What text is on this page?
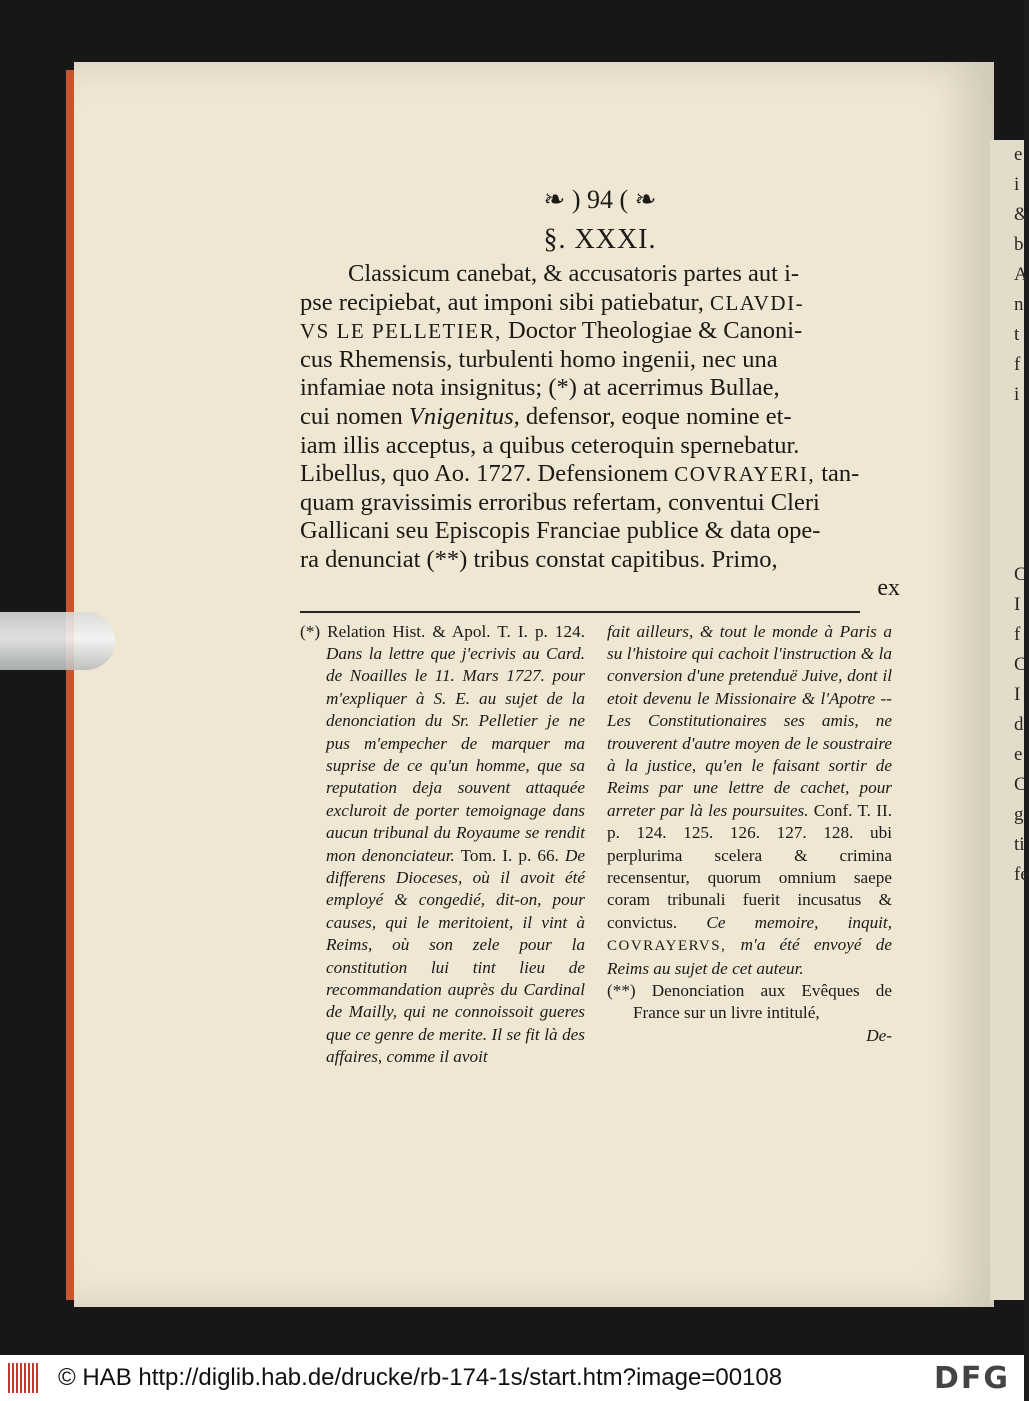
e
i
&
b
A
n
t
f
i
C
I
f
C
I
d
e
C
g
ti
fe
❧ ) 94 ( ❧
§. XXXI.

Classicum canebat, & accusatoris partes aut i-

pse recipiebat, aut imponi sibi patiebatur, CLAVDI-

VS LE PELLETIER, Doctor Theologiae & Canoni-

cus Rhemensis, turbulenti homo ingenii, nec una

infamiae nota insignitus; (*) at acerrimus Bullae,

cui nomen Vnigenitus, defensor, eoque nomine et-

iam illis acceptus, a quibus ceteroquin spernebatur.

Libellus, quo Ao. 1727. Defensionem COVRAYERI, tan-

quam gravissimis erroribus refertam, conventui Cleri

Gallicani seu Episcopis Franciae publice & data ope-

ra denunciat (**) tribus constat capitibus. Primo,

ex

(*) Relation Hist. & Apol. T. I. p. 124. Dans la lettre que j'ecrivis au Card. de Noailles le 11. Mars 1727. pour m'expliquer à S. E. au sujet de la denonciation du Sr. Pelletier je ne pus m'empecher de marquer ma suprise de ce qu'un homme, que sa reputation deja souvent attaquée excluroit de porter temoignage dans aucun tribunal du Royaume se rendit mon denonciateur. Tom. I. p. 66. De differens Dioceses, où il avoit été employé & congedié, dit-on, pour causes, qui le meritoient, il vint à Reims, où son zele pour la constitution lui tint lieu de recommandation auprès du Cardinal de Mailly, qui ne connoissoit gueres que ce genre de merite. Il se fit là des affaires, comme il avoit

fait ailleurs, & tout le monde à Paris a su l'histoire qui cachoit l'instruction & la conversion d'une pretenduë Juive, dont il etoit devenu le Missionaire & l'Apotre -- Les Constitutionaires ses amis, ne trouverent d'autre moyen de le soustraire à la justice, qu'en le faisant sortir de Reims par une lettre de cachet, pour arreter par là les poursuites. Conf. T. II. p. 124. 125. 126. 127. 128. ubi perplurima scelera & crimina recensentur, quorum omnium saepe coram tribunali fuerit incusatus & convictus. Ce memoire, inquit, COVRAYERVS, m'a été envoyé de Reims au sujet de cet auteur.

(**) Denonciation aux Evêques de France sur un livre intitulé,

De-

© HAB http://diglib.hab.de/drucke/rb-174-1s/start.htm?image=00108	DFG
